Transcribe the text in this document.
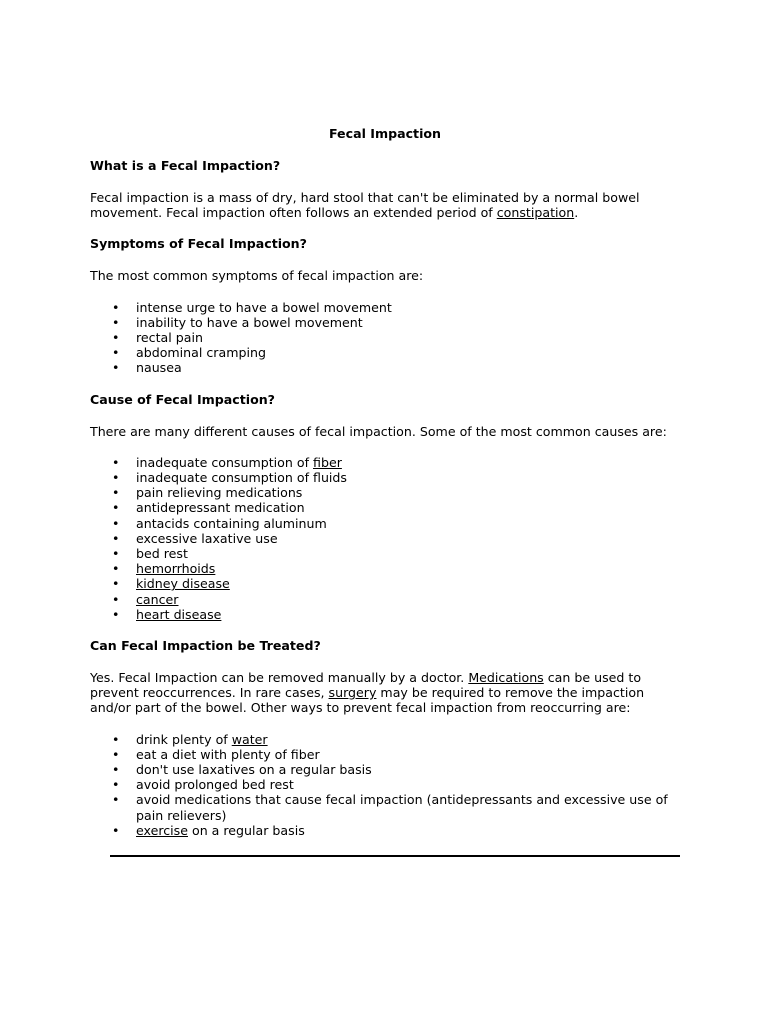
Fecal Impaction
What is a Fecal Impaction?

Fecal impaction is a mass of dry, hard stool that can't be eliminated by a normal bowel movement. Fecal impaction often follows an extended period of constipation.

Symptoms of Fecal Impaction?

The most common symptoms of fecal impaction are:

• intense urge to have a bowel movement
• inability to have a bowel movement
• rectal pain
• abdominal cramping
• nausea
Cause of Fecal Impaction?

There are many different causes of fecal impaction. Some of the most common causes are:

• inadequate consumption of fiber
• inadequate consumption of fluids
• pain relieving medications
• antidepressant medication
• antacids containing aluminum
• excessive laxative use
• bed rest
• hemorrhoids
• kidney disease
• cancer
• heart disease
Can Fecal Impaction be Treated?

Yes. Fecal Impaction can be removed manually by a doctor. Medications can be used to prevent reoccurrences. In rare cases, surgery may be required to remove the impaction and/or part of the bowel. Other ways to prevent fecal impaction from reoccurring are:

• drink plenty of water
• eat a diet with plenty of fiber
• don't use laxatives on a regular basis
• avoid prolonged bed rest
• avoid medications that cause fecal impaction (antidepressants and excessive use of pain relievers)
• exercise on a regular basis
